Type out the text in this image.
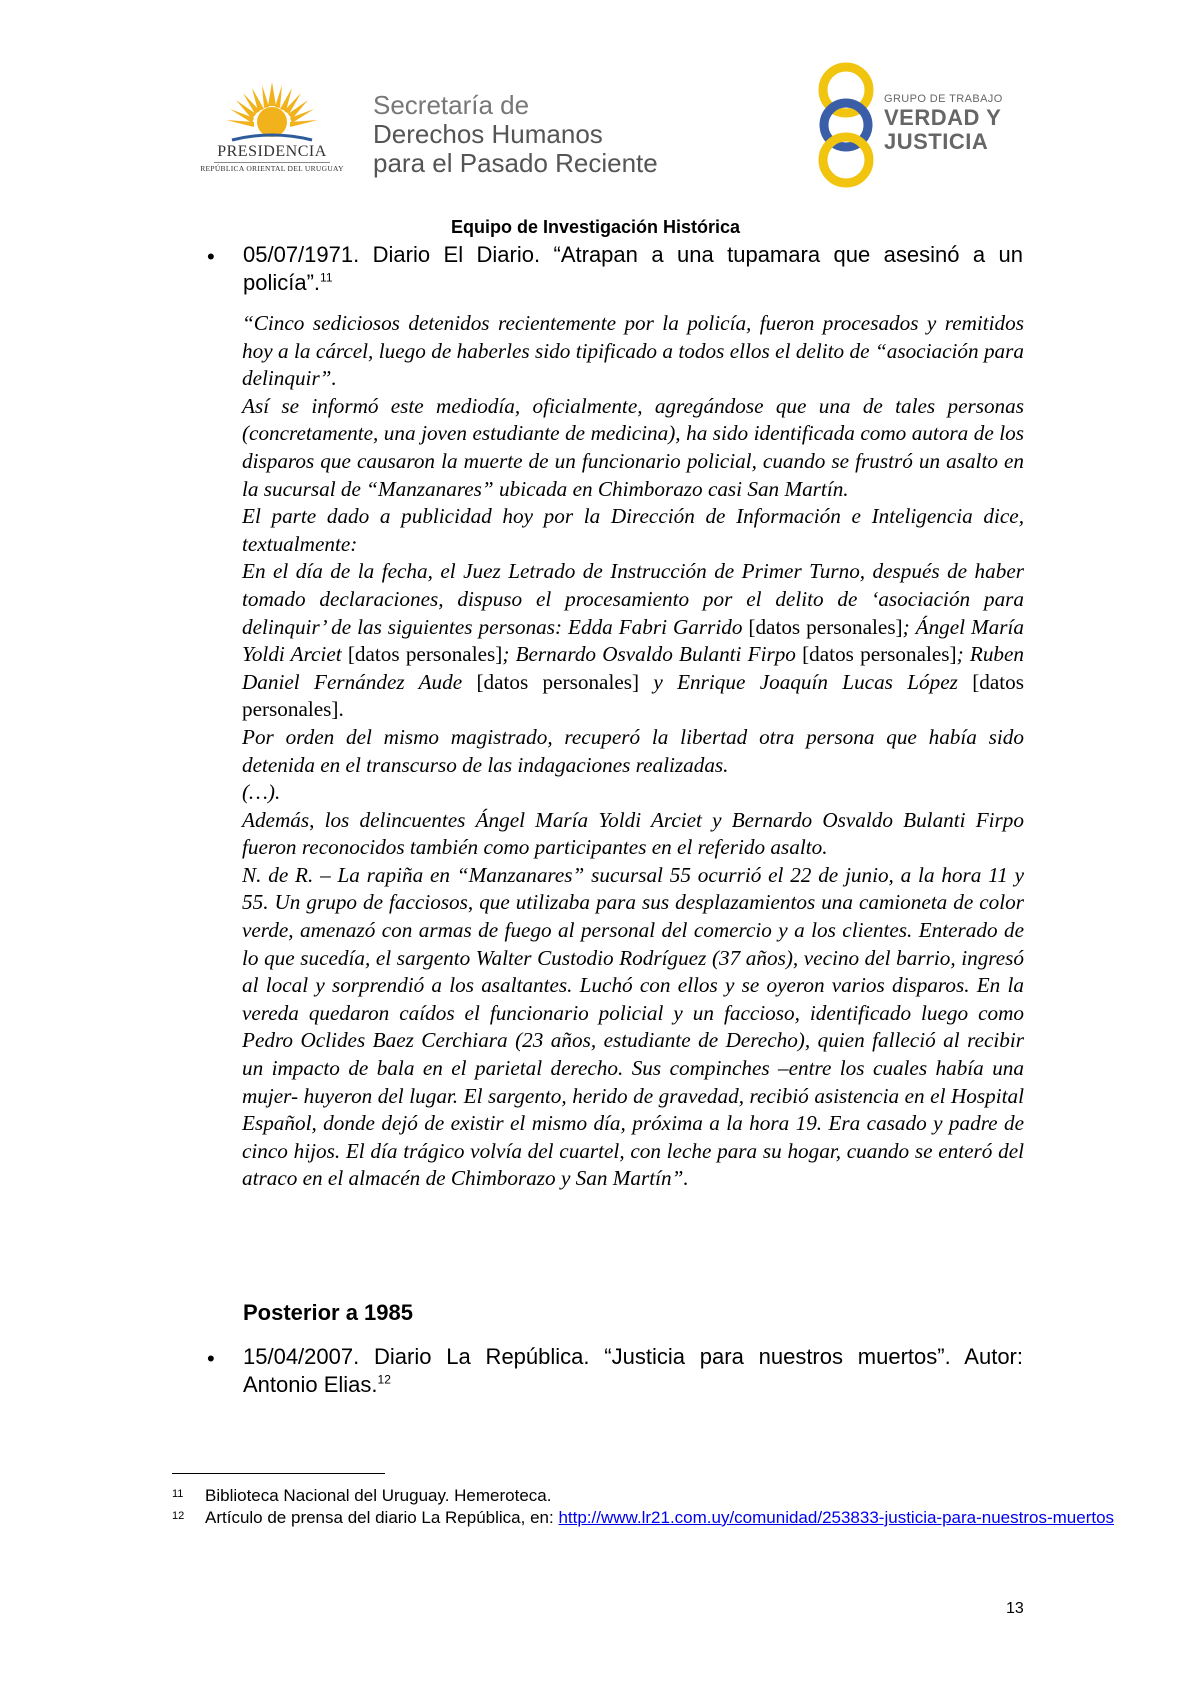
PRESIDENCIA
REPÚBLICA ORIENTAL DEL URUGUAY
Secretaría de
Derechos Humanos
para el Pasado Reciente
GRUPO DE TRABAJO
VERDAD Y
JUSTICIA
Equipo de Investigación Histórica
• 05/07/1971. Diario El Diario. “Atrapan a una tupamara que asesinó a un policía”.$^{11}$

“Cinco sediciosos detenidos recientemente por la policía, fueron procesados y remitidos hoy a la cárcel, luego de haberles sido tipificado a todos ellos el delito de “asociación para delinquir”.

Así se informó este mediodía, oficialmente, agregándose que una de tales personas (concretamente, una joven estudiante de medicina), ha sido identificada como autora de los disparos que causaron la muerte de un funcionario policial, cuando se frustró un asalto en la sucursal de “Manzanares” ubicada en Chimborazo casi San Martín.

El parte dado a publicidad hoy por la Dirección de Información e Inteligencia dice, textualmente:

En el día de la fecha, el Juez Letrado de Instrucción de Primer Turno, después de haber tomado declaraciones, dispuso el procesamiento por el delito de ‘asociación para delinquir’ de las siguientes personas: Edda Fabri Garrido [datos personales]; Ángel María Yoldi Arciet [datos personales]; Bernardo Osvaldo Bulanti Firpo [datos personales]; Ruben Daniel Fernández Aude [datos personales] y Enrique Joaquín Lucas López [datos personales].

Por orden del mismo magistrado, recuperó la libertad otra persona que había sido detenida en el transcurso de las indagaciones realizadas.

(…).

Además, los delincuentes Ángel María Yoldi Arciet y Bernardo Osvaldo Bulanti Firpo fueron reconocidos también como participantes en el referido asalto.

N. de R. – La rapiña en “Manzanares” sucursal 55 ocurrió el 22 de junio, a la hora 11 y 55. Un grupo de facciosos, que utilizaba para sus desplazamientos una camioneta de color verde, amenazó con armas de fuego al personal del comercio y a los clientes. Enterado de lo que sucedía, el sargento Walter Custodio Rodríguez (37 años), vecino del barrio, ingresó al local y sorprendió a los asaltantes. Luchó con ellos y se oyeron varios disparos. En la vereda quedaron caídos el funcionario policial y un faccioso, identificado luego como Pedro Oclides Baez Cerchiara (23 años, estudiante de Derecho), quien falleció al recibir un impacto de bala en el parietal derecho. Sus compinches –entre los cuales había una mujer- huyeron del lugar. El sargento, herido de gravedad, recibió asistencia en el Hospital Español, donde dejó de existir el mismo día, próxima a la hora 19. Era casado y padre de cinco hijos. El día trágico volvía del cuartel, con leche para su hogar, cuando se enteró del atraco en el almacén de Chimborazo y San Martín”.

Posterior a 1985
• 15/04/2007. Diario La República. “Justicia para nuestros muertos”. Autor: Antonio Elias.$^{12}$
11 Biblioteca Nacional del Uruguay. Hemeroteca.
12 Artículo de prensa del diario La República, en: http://www.lr21.com.uy/comunidad/253833-justicia-para-nuestros-muertos
13
